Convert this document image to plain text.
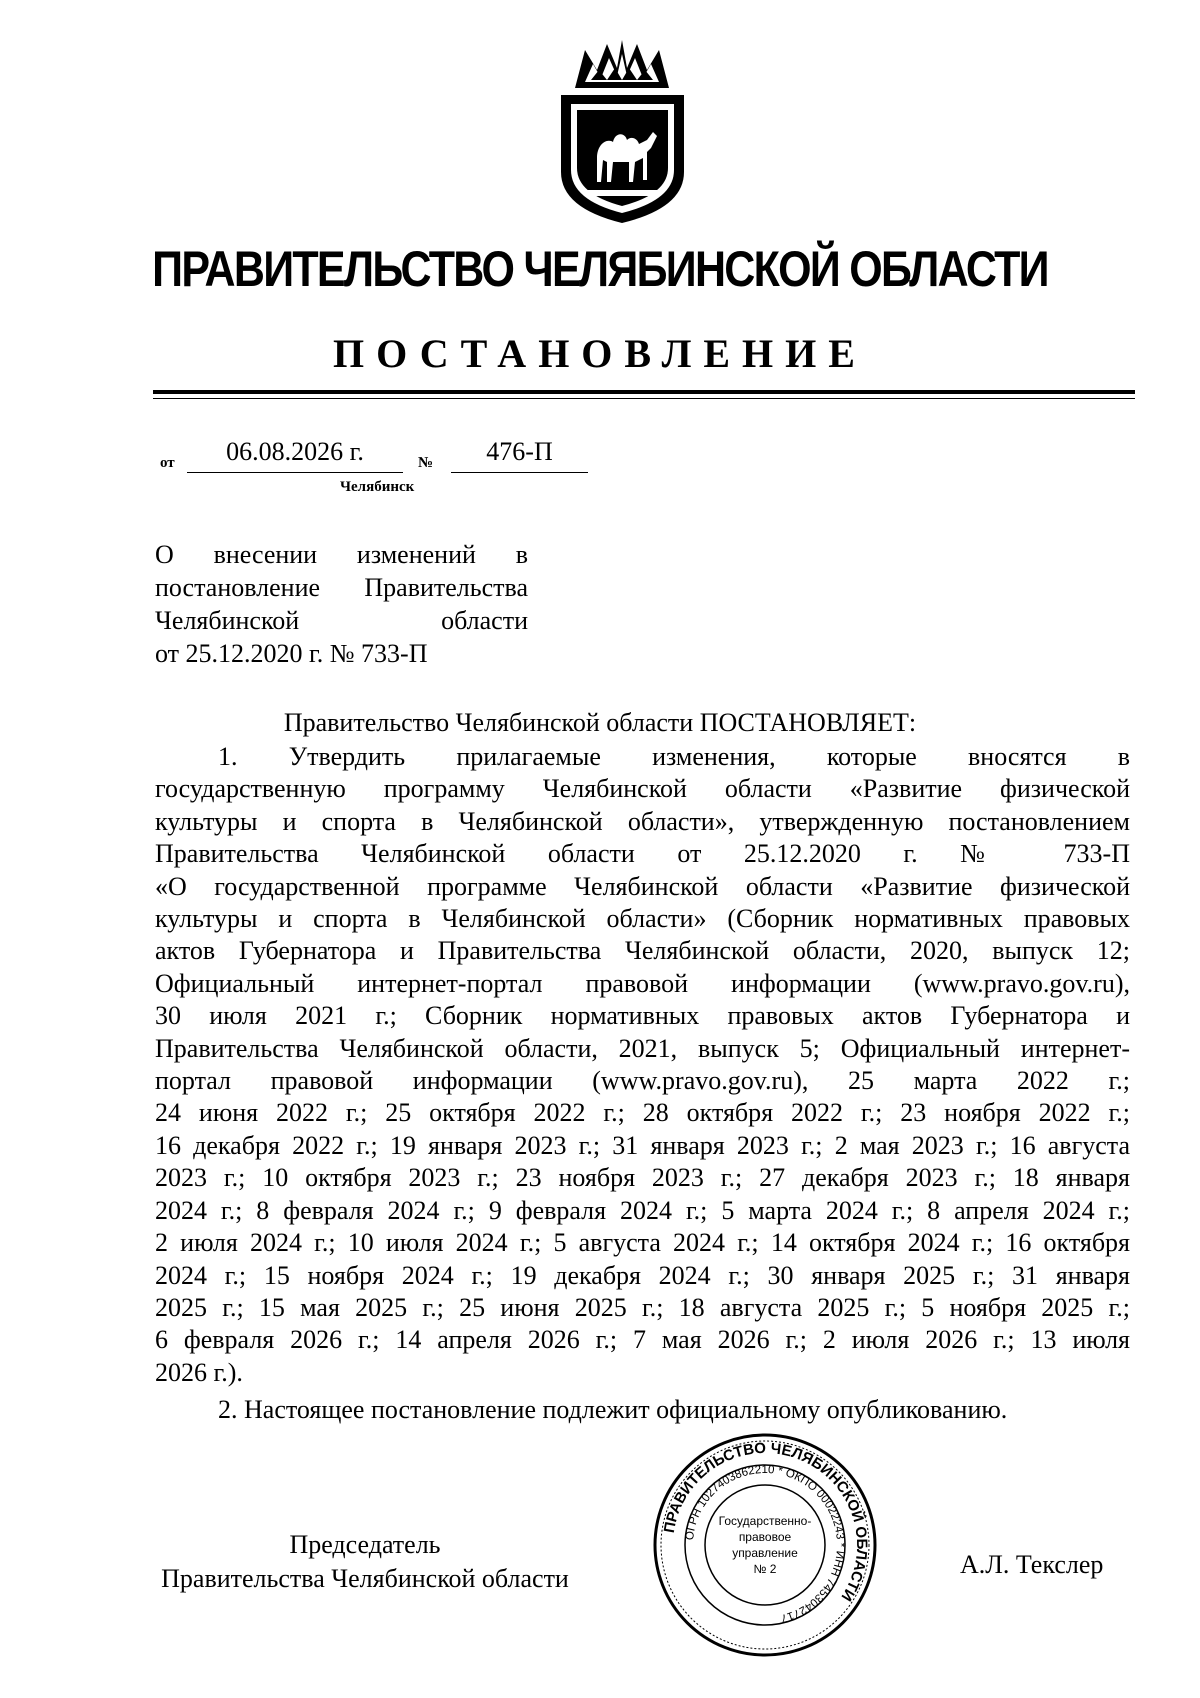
ПРАВИТЕЛЬСТВО ЧЕЛЯБИНСКОЙ ОБЛАСТИ
ПОСТАНОВЛЕНИЕ
от	06.08.2026 г.	№	476-П
Челябинск
О внесении изменений в
постановление Правительства
Челябинской области
от 25.12.2020 г. № 733-П
Правительство Челябинской области ПОСТАНОВЛЯЕТ:
1. Утвердить прилагаемые изменения, которые вносятся в
государственную программу Челябинской области «Развитие физической
культуры и спорта в Челябинской области», утвержденную постановлением
Правительства Челябинской области от 25.12.2020 г. № 733-П
«О государственной программе Челябинской области «Развитие физической
культуры и спорта в Челябинской области» (Сборник нормативных правовых
актов Губернатора и Правительства Челябинской области, 2020, выпуск 12;
Официальный интернет-портал правовой информации (www.pravo.gov.ru),
30 июля 2021 г.; Сборник нормативных правовых актов Губернатора и
Правительства Челябинской области, 2021, выпуск 5; Официальный интернет-
портал правовой информации (www.pravo.gov.ru), 25 марта 2022 г.;
24 июня 2022 г.; 25 октября 2022 г.; 28 октября 2022 г.; 23 ноября 2022 г.;
16 декабря 2022 г.; 19 января 2023 г.; 31 января 2023 г.; 2 мая 2023 г.; 16 августа
2023 г.; 10 октября 2023 г.; 23 ноября 2023 г.; 27 декабря 2023 г.; 18 января
2024 г.; 8 февраля 2024 г.; 9 февраля 2024 г.; 5 марта 2024 г.; 8 апреля 2024 г.;
2 июля 2024 г.; 10 июля 2024 г.; 5 августа 2024 г.; 14 октября 2024 г.; 16 октября
2024 г.; 15 ноября 2024 г.; 19 декабря 2024 г.; 30 января 2025 г.; 31 января
2025 г.; 15 мая 2025 г.; 25 июня 2025 г.; 18 августа 2025 г.; 5 ноября 2025 г.;
6 февраля 2026 г.; 14 апреля 2026 г.; 7 мая 2026 г.; 2 июля 2026 г.; 13 июля
2026 г.).
2. Настоящее постановление подлежит официальному опубликованию.
Председатель
Правительства Челябинской области
ПРАВИТЕЛЬСТВО ЧЕЛЯБИНСКОЙ ОБЛАСТИ
ОГРН 1027403862210 * ОКПО 00022243 * ИНН 7453042717
Государственно-
правовое
управление
№ 2	А.Л. Текслер
